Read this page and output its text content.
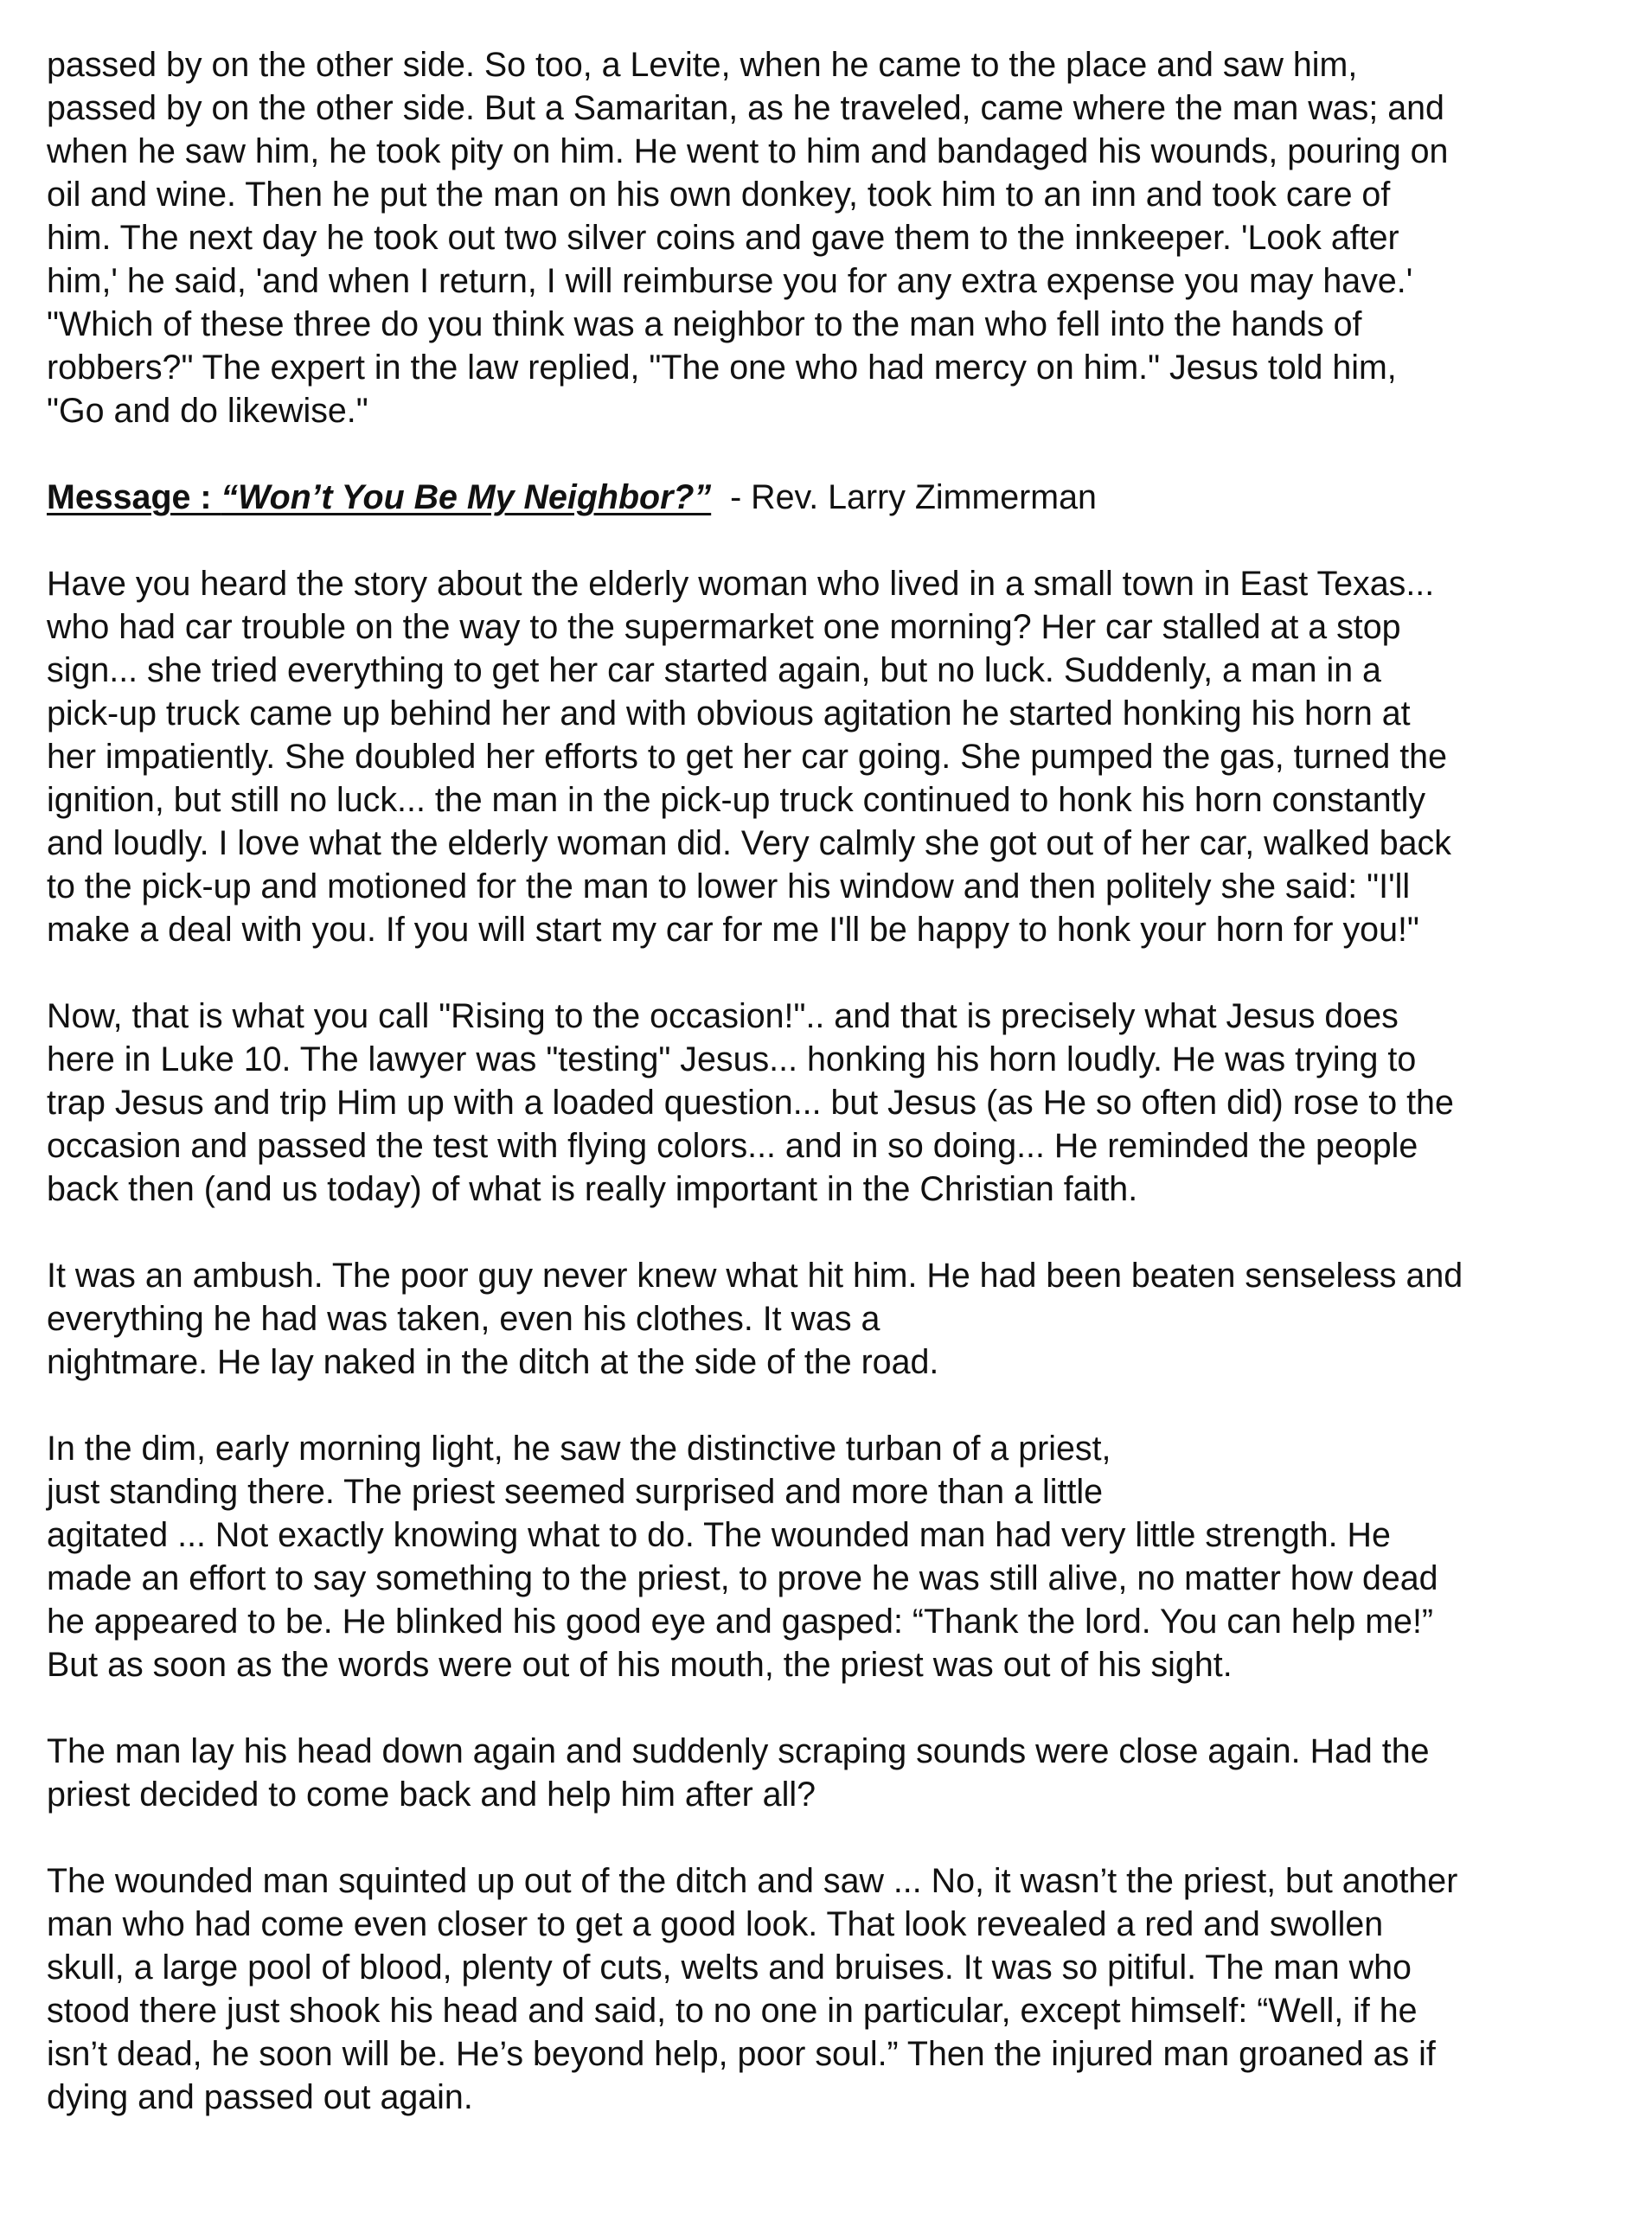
passed by on the other side. So too, a Levite, when he came to the place and saw him,
passed by on the other side. But a Samaritan, as he traveled, came where the man was; and
when he saw him, he took pity on him. He went to him and bandaged his wounds, pouring on
oil and wine. Then he put the man on his own donkey, took him to an inn and took care of
him. The next day he took out two silver coins and gave them to the innkeeper. 'Look after
him,' he said, 'and when I return, I will reimburse you for any extra expense you may have.'
"Which of these three do you think was a neighbor to the man who fell into the hands of
robbers?" The expert in the law replied, "The one who had mercy on him." Jesus told him,
"Go and do likewise."
Message : “Won’t You Be My Neighbor?”  - Rev. Larry Zimmerman
Have you heard the story about the elderly woman who lived in a small town in East Texas...
who had car trouble on the way to the supermarket one morning? Her car stalled at a stop
sign... she tried everything to get her car started again, but no luck. Suddenly, a man in a
pick-up truck came up behind her and with obvious agitation he started honking his horn at
her impatiently. She doubled her efforts to get her car going. She pumped the gas, turned the
ignition, but still no luck... the man in the pick-up truck continued to honk his horn constantly
and loudly. I love what the elderly woman did. Very calmly she got out of her car, walked back
to the pick-up and motioned for the man to lower his window and then politely she said: "I'll
make a deal with you. If you will start my car for me I'll be happy to honk your horn for you!"
Now, that is what you call "Rising to the occasion!".. and that is precisely what Jesus does
here in Luke 10. The lawyer was "testing" Jesus... honking his horn loudly. He was trying to
trap Jesus and trip Him up with a loaded question... but Jesus (as He so often did) rose to the
occasion and passed the test with flying colors... and in so doing... He reminded the people
back then (and us today) of what is really important in the Christian faith.
It was an ambush. The poor guy never knew what hit him. He had been beaten senseless and
everything he had was taken, even his clothes. It was a
nightmare. He lay naked in the ditch at the side of the road.
In the dim, early morning light, he saw the distinctive turban of a priest,
just standing there. The priest seemed surprised and more than a little
agitated ... Not exactly knowing what to do. The wounded man had very little strength. He
made an effort to say something to the priest, to prove he was still alive, no matter how dead
he appeared to be. He blinked his good eye and gasped: “Thank the lord. You can help me!”
But as soon as the words were out of his mouth, the priest was out of his sight.
The man lay his head down again and suddenly scraping sounds were close again. Had the
priest decided to come back and help him after all?
The wounded man squinted up out of the ditch and saw ... No, it wasn’t the priest, but another
man who had come even closer to get a good look. That look revealed a red and swollen
skull, a large pool of blood, plenty of cuts, welts and bruises. It was so pitiful. The man who
stood there just shook his head and said, to no one in particular, except himself: “Well, if he
isn’t dead, he soon will be. He’s beyond help, poor soul.” Then the injured man groaned as if
dying and passed out again.
